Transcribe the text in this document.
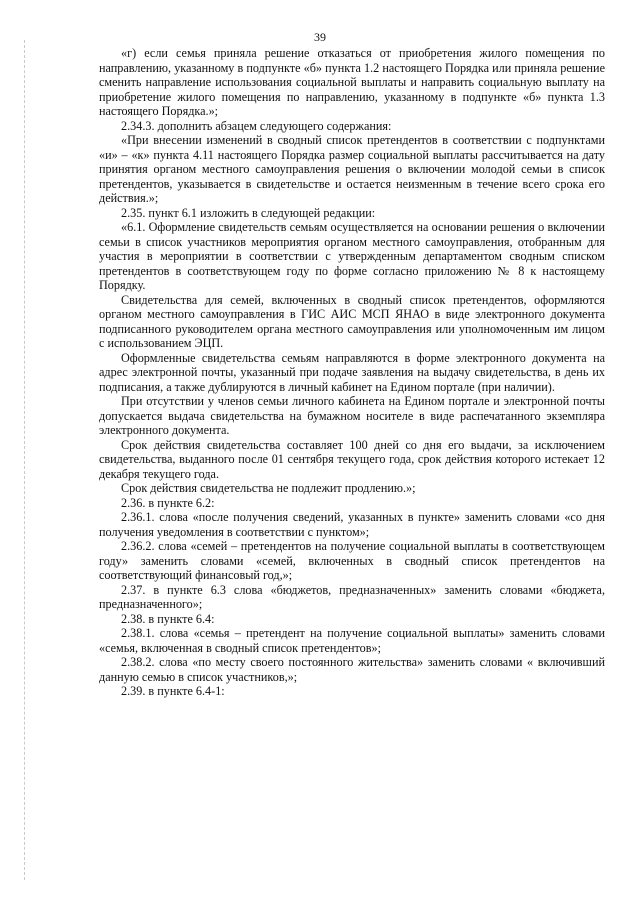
39

«г) если семья приняла решение отказаться от приобретения жилого помещения по направлению, указанному в подпункте «б» пункта 1.2 настоящего Порядка или приняла решение сменить направление использования социальной выплаты и направить социальную выплату на приобретение жилого помещения по направлению, указанному в подпункте «б» пункта 1.3 настоящего Порядка.»;

2.34.3. дополнить абзацем следующего содержания:

«При внесении изменений в сводный список претендентов в соответствии с подпунктами «и» – «к» пункта 4.11 настоящего Порядка размер социальной выплаты рассчитывается на дату принятия органом местного самоуправления решения о включении молодой семьи в список претендентов, указывается в свидетельстве и остается неизменным в течение всего срока его действия.»;

2.35. пункт 6.1 изложить в следующей редакции:

«6.1. Оформление свидетельств семьям осуществляется на основании решения о включении семьи в список участников мероприятия органом местного самоуправления, отобранным для участия в мероприятии в соответствии с утвержденным департаментом сводным списком претендентов в соответствующем году по форме согласно приложению № 8 к настоящему Порядку.

Свидетельства для семей, включенных в сводный список претендентов, оформляются органом местного самоуправления в ГИС АИС МСП ЯНАО в виде электронного документа подписанного руководителем органа местного самоуправления или уполномоченным им лицом с использованием ЭЦП.

Оформленные свидетельства семьям направляются в форме электронного документа на адрес электронной почты, указанный при подаче заявления на выдачу свидетельства, в день их подписания, а также дублируются в личный кабинет на Едином портале (при наличии).

При отсутствии у членов семьи личного кабинета на Едином портале и электронной почты допускается выдача свидетельства на бумажном носителе в виде распечатанного экземпляра электронного документа.

Срок действия свидетельства составляет 100 дней со дня его выдачи, за исключением свидетельства, выданного после 01 сентября текущего года, срок действия которого истекает 12 декабря текущего года.

Срок действия свидетельства не подлежит продлению.»;

2.36. в пункте 6.2:

2.36.1. слова «после получения сведений, указанных в пункте» заменить словами «со дня получения уведомления в соответствии с пунктом»;

2.36.2. слова «семей – претендентов на получение социальной выплаты в соответствующем году» заменить словами «семей, включенных в сводный список претендентов на соответствующий финансовый год,»;

2.37. в пункте 6.3 слова «бюджетов, предназначенных» заменить словами «бюджета, предназначенного»;

2.38. в пункте 6.4:

2.38.1. слова «семья – претендент на получение социальной выплаты» заменить словами «семья, включенная в сводный список претендентов»;

2.38.2. слова «по месту своего постоянного жительства» заменить словами « включивший данную семью в список участников,»;

2.39. в пункте 6.4-1:
